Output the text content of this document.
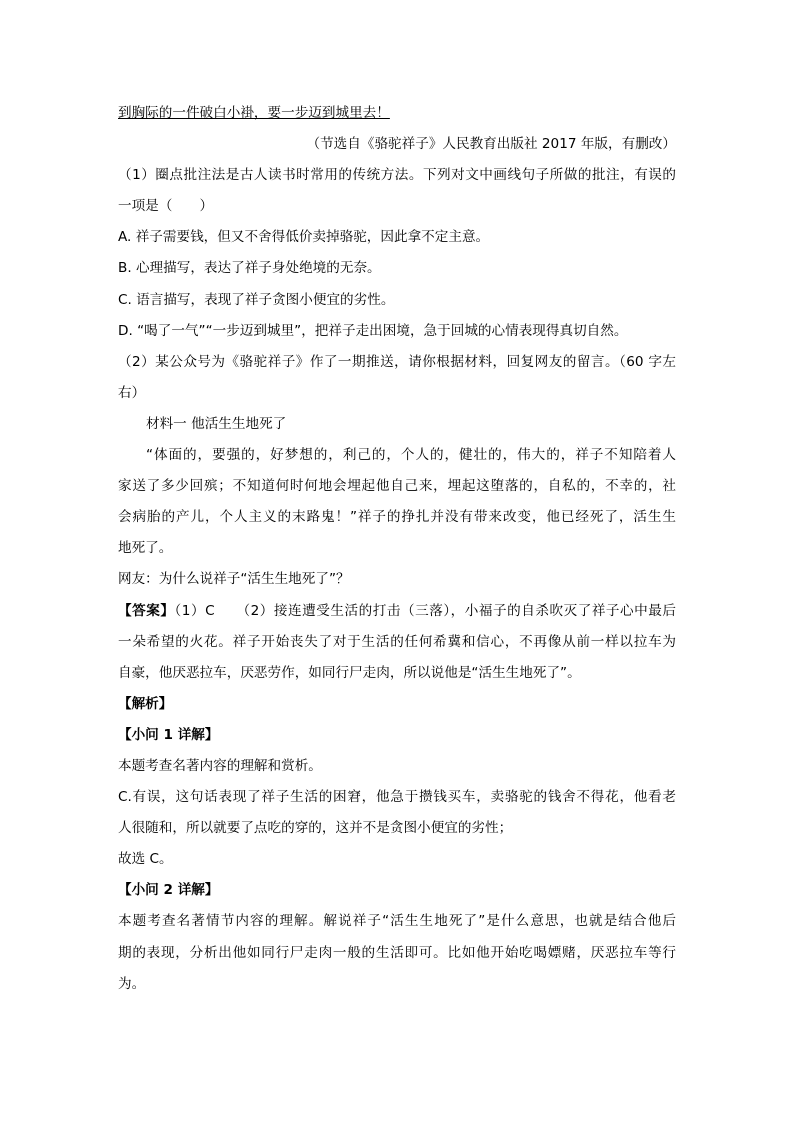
到胸际的一件破白小褂，要一步迈到城里去！
（节选自《骆驼祥子》人民教育出版社 2017 年版，有删改）
（1）圈点批注法是古人读书时常用的传统方法。下列对文中画线句子所做的批注，有误的
一项是（　　）
A. 祥子需要钱，但又不舍得低价卖掉骆驼，因此拿不定主意。
B. 心理描写，表达了祥子身处绝境的无奈。
C. 语言描写，表现了祥子贪图小便宜的劣性。
D. “喝了一气”“一步迈到城里”，把祥子走出困境，急于回城的心情表现得真切自然。
（2）某公众号为《骆驼祥子》作了一期推送，请你根据材料，回复网友的留言。（60 字左
右）
材料一 他活生生地死了
“体面的，要强的，好梦想的，利己的，个人的，健壮的，伟大的，祥子不知陪着人
家送了多少回殡；不知道何时何地会埋起他自己来，埋起这堕落的，自私的，不幸的，社
会病胎的产儿，个人主义的末路鬼！”祥子的挣扎并没有带来改变，他已经死了，活生生
地死了。
网友：为什么说祥子“活生生地死了”？
【答案】（1）C　　（2）接连遭受生活的打击（三落），小福子的自杀吹灭了祥子心中最后
一朵希望的火花。祥子开始丧失了对于生活的任何希冀和信心，不再像从前一样以拉车为
自豪，他厌恶拉车，厌恶劳作，如同行尸走肉，所以说他是“活生生地死了”。
【解析】
【小问 1 详解】
本题考查名著内容的理解和赏析。
C.有误，这句话表现了祥子生活的困窘，他急于攒钱买车，卖骆驼的钱舍不得花，他看老
人很随和，所以就要了点吃的穿的，这并不是贪图小便宜的劣性；
故选 C。
【小问 2 详解】
本题考查名著情节内容的理解。解说祥子“活生生地死了”是什么意思，也就是结合他后
期的表现，分析出他如同行尸走肉一般的生活即可。比如他开始吃喝嫖赌，厌恶拉车等行
为。
